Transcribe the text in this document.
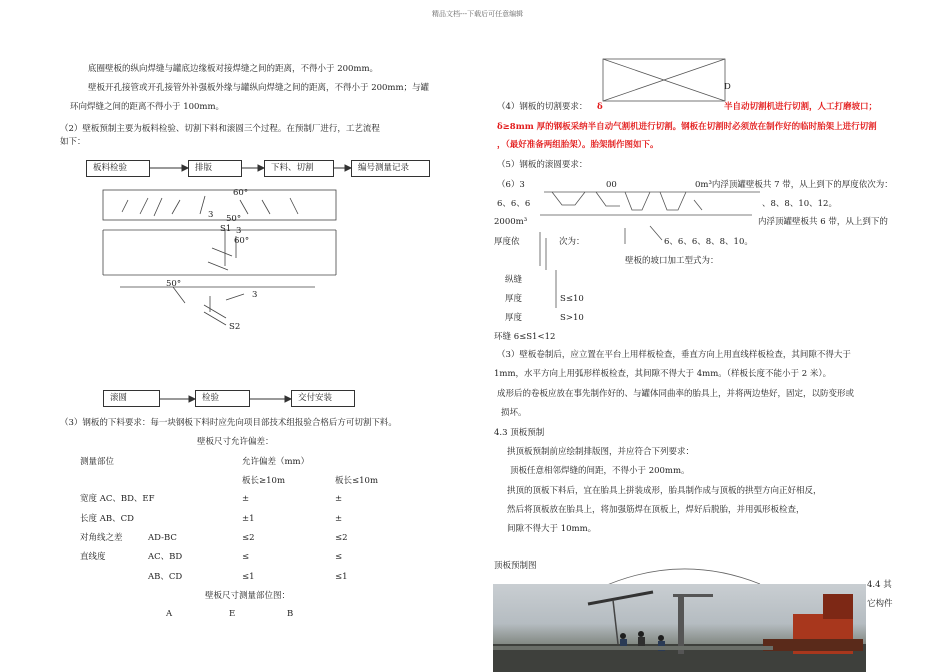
精品文档---下载后可任意编辑
底圈壁板的纵向焊缝与罐底边缘板对接焊缝之间的距离，不得小于 200mm。
壁板开孔接管或开孔接管外补强板外缘与罐纵向焊缝之间的距离，不得小于 200mm；与罐
环向焊缝之间的距离不得小于 100mm。
（2）壁板预制主要为板料检验、切割下料和滚圆三个过程。在预制厂进行，工艺流程
如下：
板料检验	排版	下料、切割	编号测量记录
60°
3 50°
3
S1
60°
50°
3
S2
滚圆	检验	交付安装
（3）钢板的下料要求：每一块钢板下料时应先向项目部技术组报验合格后方可切割下料。
壁板尺寸允许偏差：
测量部位	允许偏差（mm）
板长≥10m	板长≤10m
宽度 AC、BD、EF	±	±
长度 AB、CD	±1	±
对角线之差	AD-BC	≤2	≤2
直线度	AC、BD	≤	≤
AB、CD	≤1	≤1
壁板尺寸测量部位图：
A	E	B
D
（4）钢板的切割要求： δ	半自动切割机进行切割，人工打磨坡口；
δ≥8mm 厚的钢板采纳半自动气割机进行切割。钢板在切割时必须放在制作好的临时胎架上进行切割
，（最好准备两组胎架）。胎架制作图如下。
（5）钢板的滚圆要求：
（6）3	00	0m³内浮顶罐壁板共 7 带，从上到下的厚度依次为：
6、6、6	、8、8、10、12。
2000m³	内浮顶罐壁板共 6 带，从上到下的
厚度依	次为：	6、6、6、8、8、10。
壁板的坡口加工型式为：
纵缝
厚度	S≤10
厚度	S>10
环缝 6≤S1<12
（3）壁板卷制后，应立置在平台上用样板检查，垂直方向上用直线样板检查，其间隙不得大于
1mm，水平方向上用弧形样板检查，其间隙不得大于 4mm。（样板长度不能小于 2 米）。
成形后的卷板应放在事先制作好的、与罐体同曲率的胎具上，并将两边垫好，固定，以防变形或
损坏。
4.3 顶板预制
拱顶板预制前应绘制排版图，并应符合下列要求：
顶板任意相邻焊缝的间距，不得小于 200mm。
拱顶的顶板下料后，宜在胎具上拼装成形，胎具制作成与顶板的拱型方向正好相反，
然后将顶板放在胎具上，将加强筋焊在顶板上，焊好后脱胎，并用弧形板检查，
间隙不得大于 10mm。
顶板预制图
4.4 其
它构件
